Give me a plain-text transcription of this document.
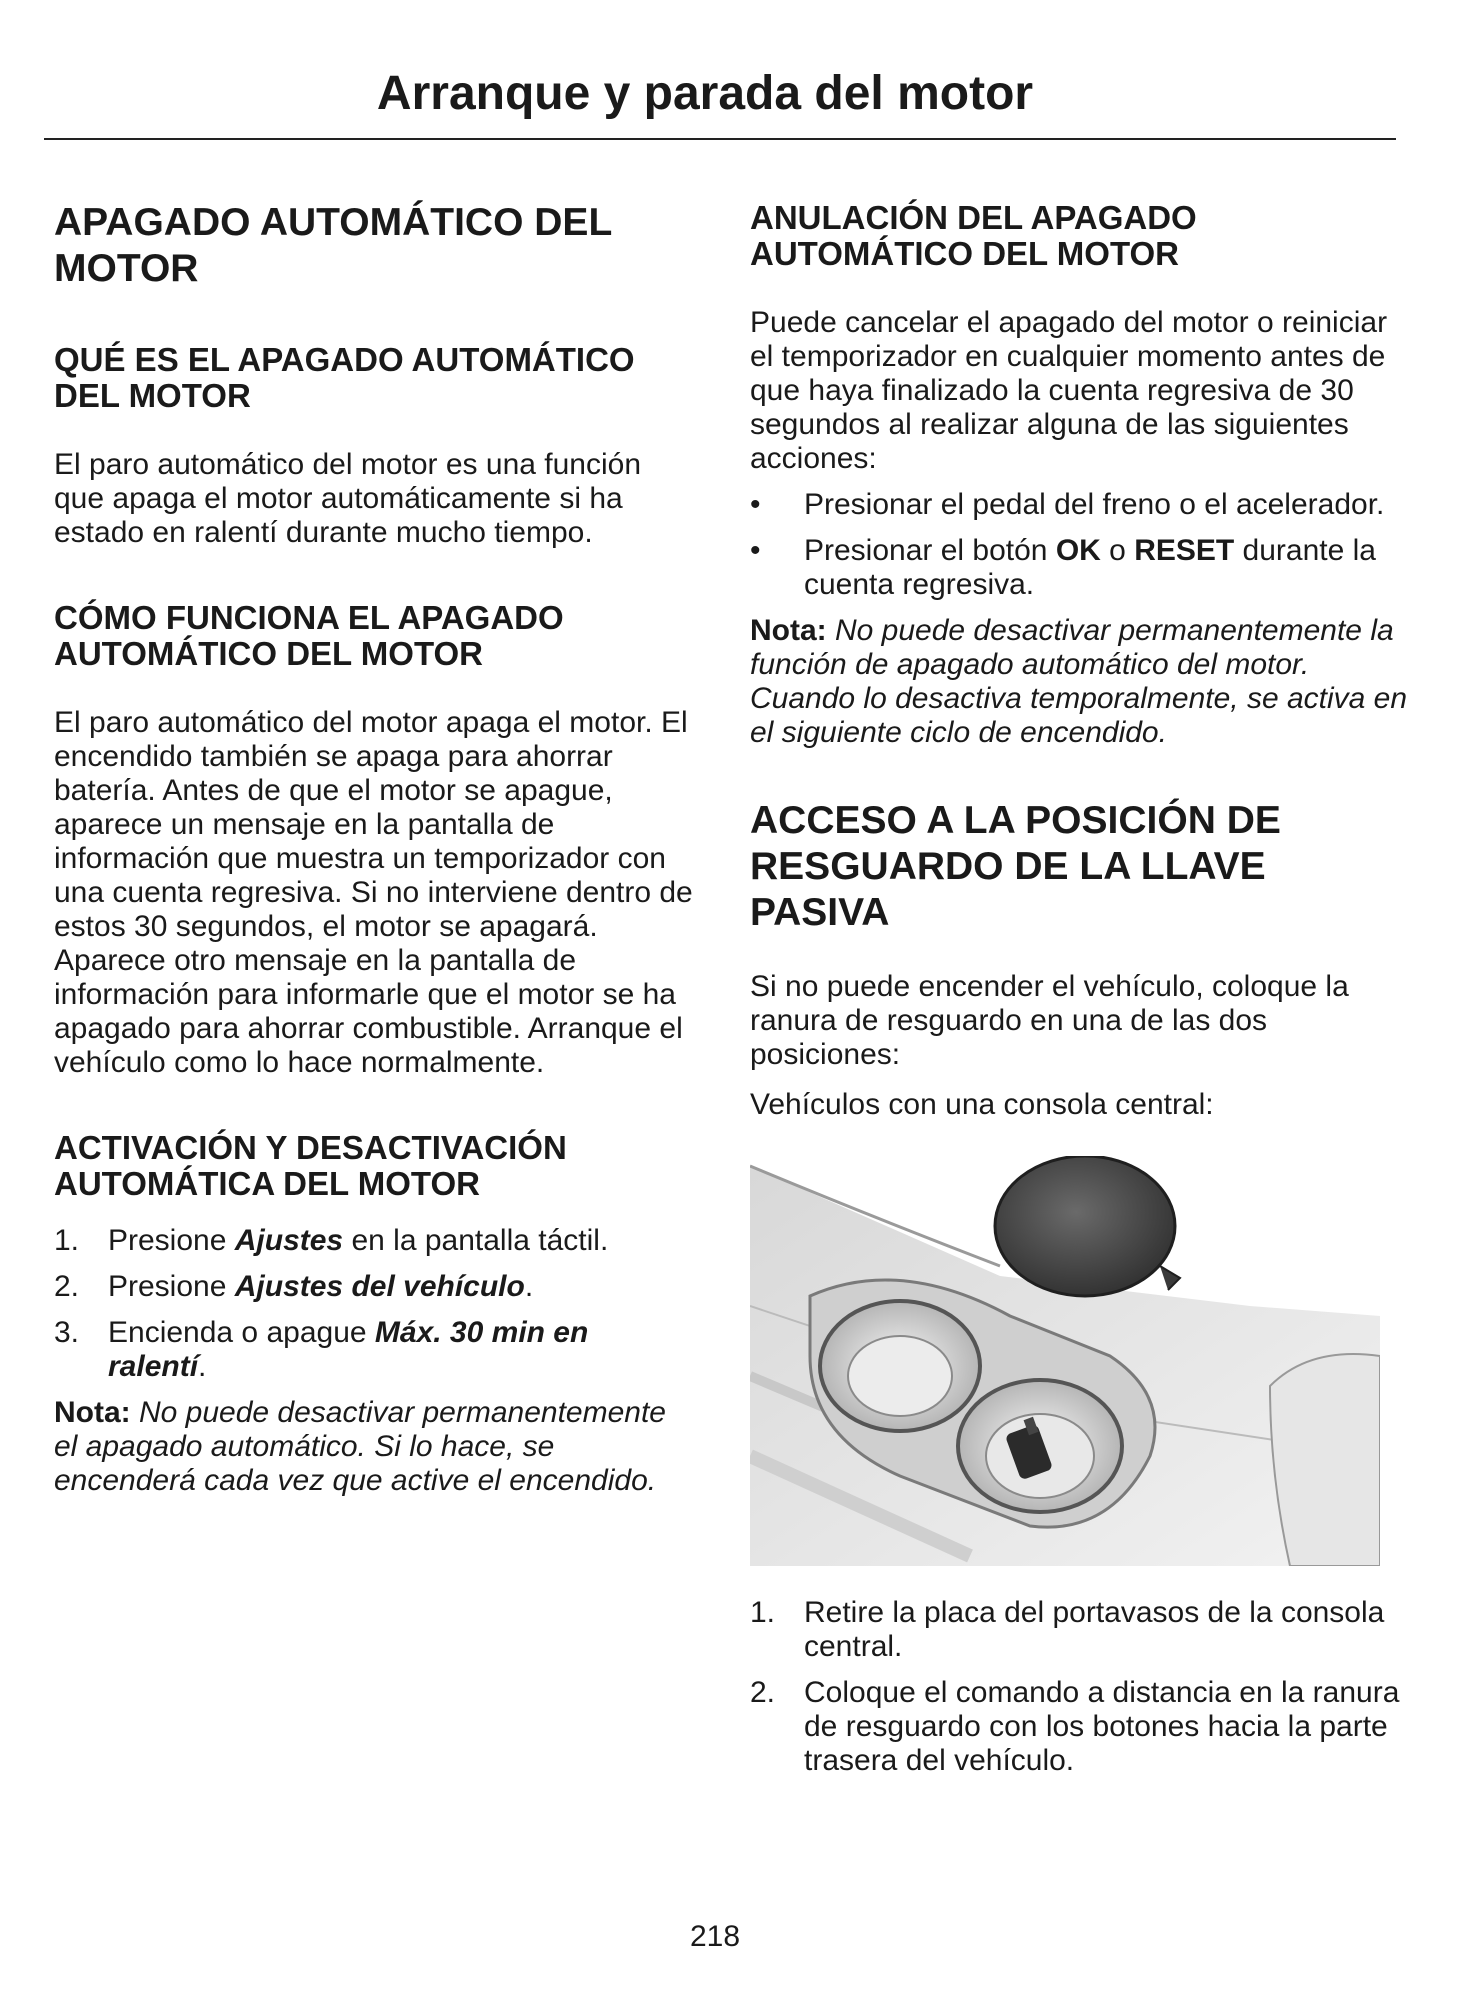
Arranque y parada del motor
APAGADO AUTOMÁTICO DEL MOTOR
QUÉ ES EL APAGADO AUTOMÁTICO DEL MOTOR

El paro automático del motor es una función que apaga el motor automáticamente si ha estado en ralentí durante mucho tiempo.

CÓMO FUNCIONA EL APAGADO AUTOMÁTICO DEL MOTOR

El paro automático del motor apaga el motor. El encendido también se apaga para ahorrar batería. Antes de que el motor se apague, aparece un mensaje en la pantalla de información que muestra un temporizador con una cuenta regresiva. Si no interviene dentro de estos 30 segundos, el motor se apagará. Aparece otro mensaje en la pantalla de información para informarle que el motor se ha apagado para ahorrar combustible. Arranque el vehículo como lo hace normalmente.

ACTIVACIÓN Y DESACTIVACIÓN AUTOMÁTICA DEL MOTOR
1. Presione Ajustes en la pantalla táctil.
2. Presione Ajustes del vehículo.
3. Encienda o apague Máx. 30 min en ralentí.

Nota: No puede desactivar permanentemente el apagado automático. Si lo hace, se encenderá cada vez que active el encendido.

ANULACIÓN DEL APAGADO AUTOMÁTICO DEL MOTOR

Puede cancelar el apagado del motor o reiniciar el temporizador en cualquier momento antes de que haya finalizado la cuenta regresiva de 30 segundos al realizar alguna de las siguientes acciones:

• Presionar el pedal del freno o el acelerador.
• Presionar el botón OK o RESET durante la cuenta regresiva.

Nota: No puede desactivar permanentemente la función de apagado automático del motor. Cuando lo desactiva temporalmente, se activa en el siguiente ciclo de encendido.

ACCESO A LA POSICIÓN DE RESGUARDO DE LA LLAVE PASIVA

Si no puede encender el vehículo, coloque la ranura de resguardo en una de las dos posiciones:

Vehículos con una consola central:

1. Retire la placa del portavasos de la consola central.
2. Coloque el comando a distancia en la ranura de resguardo con los botones hacia la parte trasera del vehículo.
218
